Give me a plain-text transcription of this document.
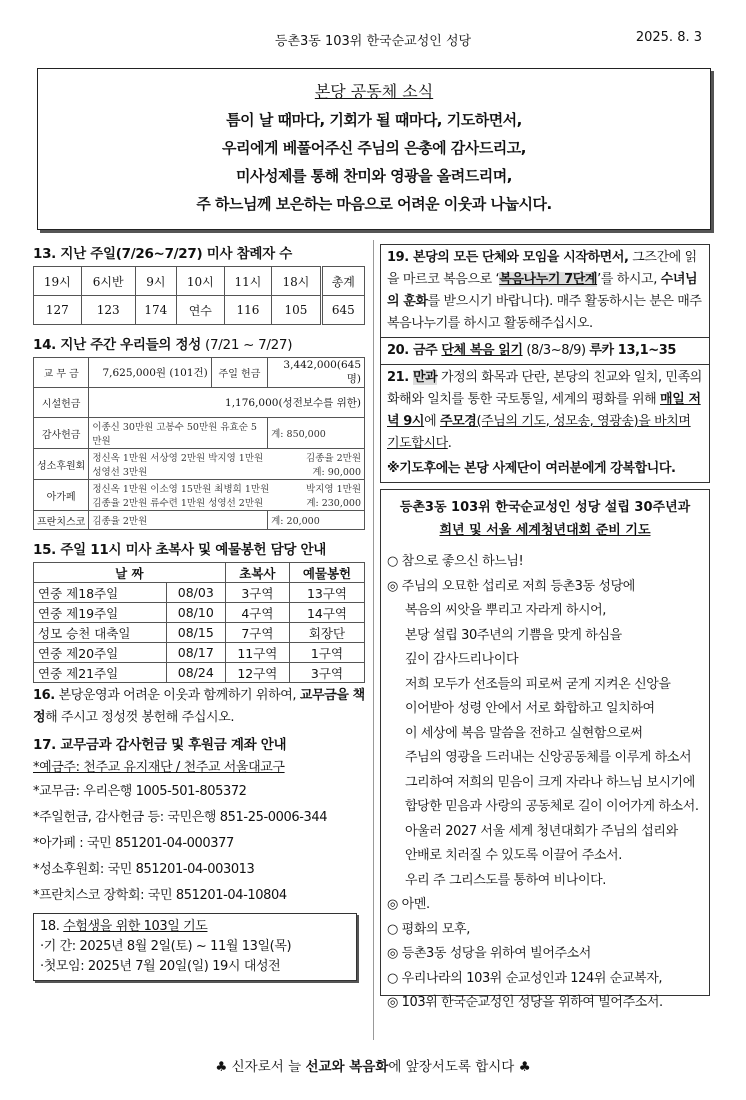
등촌3동 103위 한국순교성인 성당	2025. 8. 3
본당 공동체 소식
틈이 날 때마다, 기회가 될 때마다, 기도하면서,
우리에게 베풀어주신 주님의 은총에 감사드리고,
미사성제를 통해 찬미와 영광을 올려드리며,
주 하느님께 보은하는 마음으로 어려운 이웃과 나눕시다.
13. 지난 주일(7/26~7/27) 미사 참례자 수
19시	6시반	9시	10시	11시	18시	총계
127	123	174	연수	116	105	645
14. 지난 주간 우리들의 정성 (7/21 ~ 7/27)
교 무 금	7,625,000원 (101건)	주일 헌금	3,442,000(645명)
시설헌금	1,176,000(성전보수를 위한)		
감사헌금	이종신 30만원 고봉수 50만원 유효순 5만원		계: 850,000
성소후원회	정신옥 1만원 서상영 2만원 박지영 1만원 김종율 2만원
성영선 3만원 계: 90,000		

아가페	정신옥 1만원 이소영 15만원 최병희 1만원 박지영 1만원
김종율 2만원 류수련 1만원 성영선 2만원 계: 230,000		

프란치스코	김종율 2만원		계: 20,000
15. 주일 11시 미사 초복사 및 예물봉헌 담당 안내
날 짜		초복사	예물봉헌
연중 제18주일	08/03	3구역	13구역
연중 제19주일	08/10	4구역	14구역
성모 승천 대축일	08/15	7구역	회장단
연중 제20주일	08/17	11구역	1구역
연중 제21주일	08/24	12구역	3구역

16. 본당운영과 어려운 이웃과 함께하기 위하여, 교무금을 책정해 주시고 정성껏 봉헌해 주십시오.

17. 교무금과 감사헌금 및 후원금 계좌 안내

*예금주: 천주교 유지재단 / 천주교 서울대교구

*교무금: 우리은행 1005-501-805372

*주일헌금, 감사헌금 등: 국민은행 851-25-0006-344

*아가페 : 국민 851201-04-000377

*성소후원회: 국민 851201-04-003013

*프란치스코 장학회: 국민 851201-04-10804

18. 수험생을 위한 103일 기도

·기 간: 2025년 8월 2일(토) ~ 11월 13일(목)

·첫모임: 2025년 7월 20일(일) 19시 대성전

19. 본당의 모든 단체와 모임을 시작하면서, 그즈간에 읽을 마르코 복음으로 ‘복음나누기 7단계’를 하시고, 수녀님의 훈화를 받으시기 바랍니다). 매주 활동하시는 분은 매주 복음나누기를 하시고 활동해주십시오.

20. 금주 단체 복음 읽기 (8/3~8/9) 루카 13,1~35

21. 만과 가정의 화목과 단란, 본당의 친교와 일치, 민족의 화해와 일치를 통한 국토통일, 세계의 평화를 위해 매일 저녁 9시에 주모경(주님의 기도, 성모송, 영광송)을 바치며 기도합시다.

※기도후에는 본당 사제단이 여러분에게 강복합니다.

등촌3동 103위 한국순교성인 성당 설립 30주년과
희년 및 서울 세계청년대회 준비 기도

○ 참으로 좋으신 하느님!

◎ 주님의 오묘한 섭리로 저희 등촌3동 성당에

복음의 씨앗을 뿌리고 자라게 하시어,

본당 설립 30주년의 기쁨을 맞게 하심을

깊이 감사드리나이다

저희 모두가 선조들의 피로써 굳게 지켜온 신앙을

이어받아 성령 안에서 서로 화합하고 일치하여

이 세상에 복음 말씀을 전하고 실현함으로써

주님의 영광을 드러내는 신앙공동체를 이루게 하소서

그리하여 저희의 믿음이 크게 자라나 하느님 보시기에

합당한 믿음과 사랑의 공동체로 길이 이어가게 하소서.

아울러 2027 서울 세계 청년대회가 주님의 섭리와

안배로 치러질 수 있도록 이끌어 주소서.

우리 주 그리스도를 통하여 비나이다.

◎ 아멘.

○ 평화의 모후,

◎ 등촌3동 성당을 위하여 빌어주소서

○ 우리나라의 103위 순교성인과 124위 순교복자,

◎ 103위 한국순교성인 성당을 위하여 빌어주소서.

♣ 신자로서 늘 선교와 복음화에 앞장서도록 합시다 ♣
